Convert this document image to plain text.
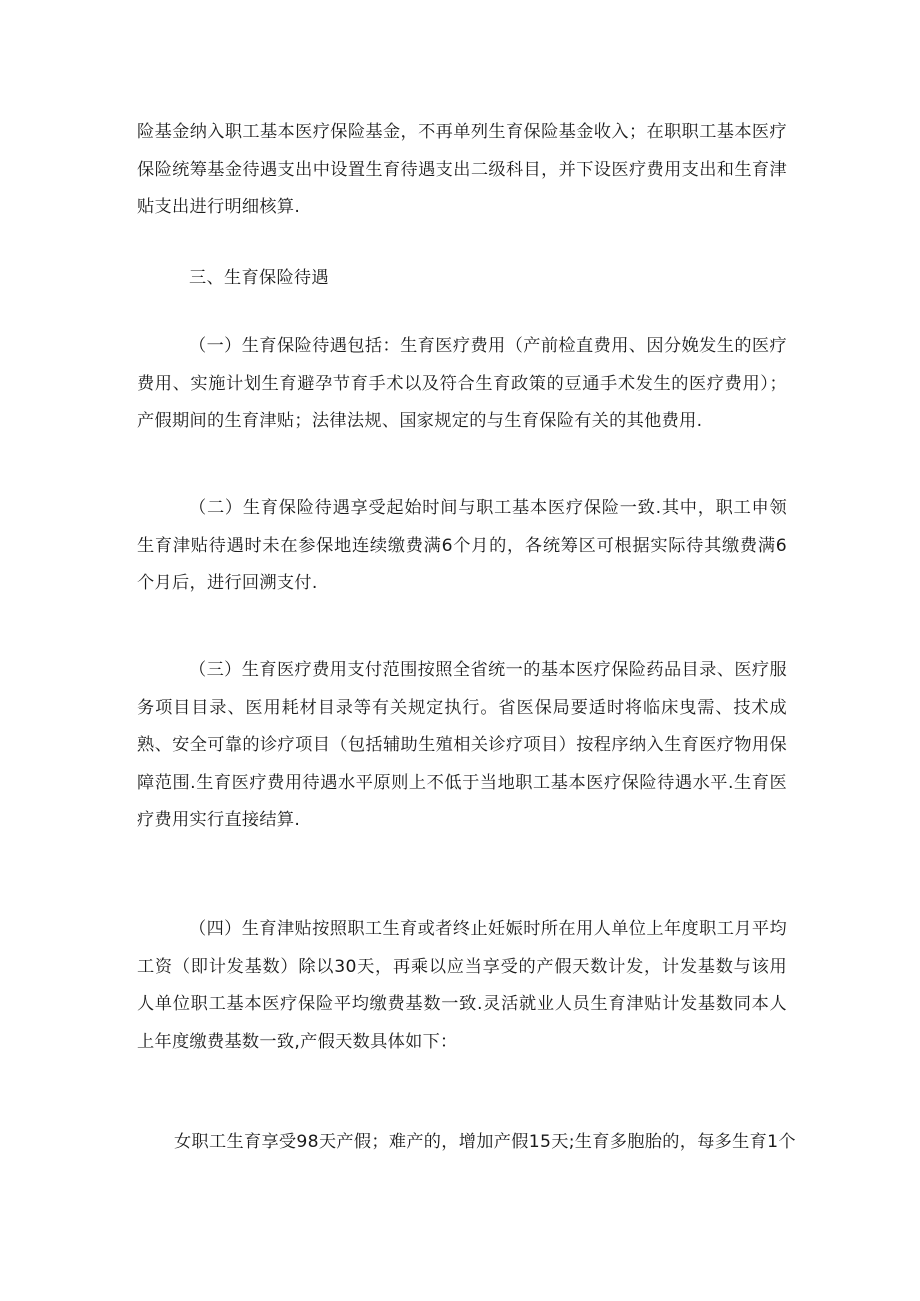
险基金纳入职工基本医疗保险基金，不再单列生育保险基金收入；在职职工基本医疗保险统筹基金待遇支出中设置生育待遇支出二级科目，并下设医疗费用支出和生育津贴支出进行明细核算.

三、生育保险待遇

（一）生育保险待遇包括：生育医疗费用（产前检直费用、因分娩发生的医疗费用、实施计划生育避孕节育手术以及符合生育政策的豆通手术发生的医疗费用）；产假期间的生育津贴；法律法规、国家规定的与生育保险有关的其他费用.

（二）生育保险待遇享受起始时间与职工基本医疗保险一致.其中，职工申领生育津贴待遇时未在参保地连续缴费满6个月的，各统筹区可根据实际待其缴费满6个月后，进行回溯支付.

（三）生育医疗费用支付范围按照全省统一的基本医疗保险药品目录、医疗服务项目目录、医用耗材目录等有关规定执行。省医保局要适时将临床曳需、技术成熟、安全可靠的诊疗项目（包括辅助生殖相关诊疗项目）按程序纳入生育医疗物用保障范围.生育医疗费用待遇水平原则上不低于当地职工基本医疗保险待遇水平.生育医疗费用实行直接结算.

（四）生育津贴按照职工生育或者终止妊娠时所在用人单位上年度职工月平均工资（即计发基数）除以30天，再乘以应当享受的产假天数计发，计发基数与该用人单位职工基本医疗保险平均缴费基数一致.灵活就业人员生育津贴计发基数同本人上年度缴费基数一致,产假天数具体如下：

女职工生育享受98天产假；难产的，增加产假15天;生育多胞胎的，每多生育1个
